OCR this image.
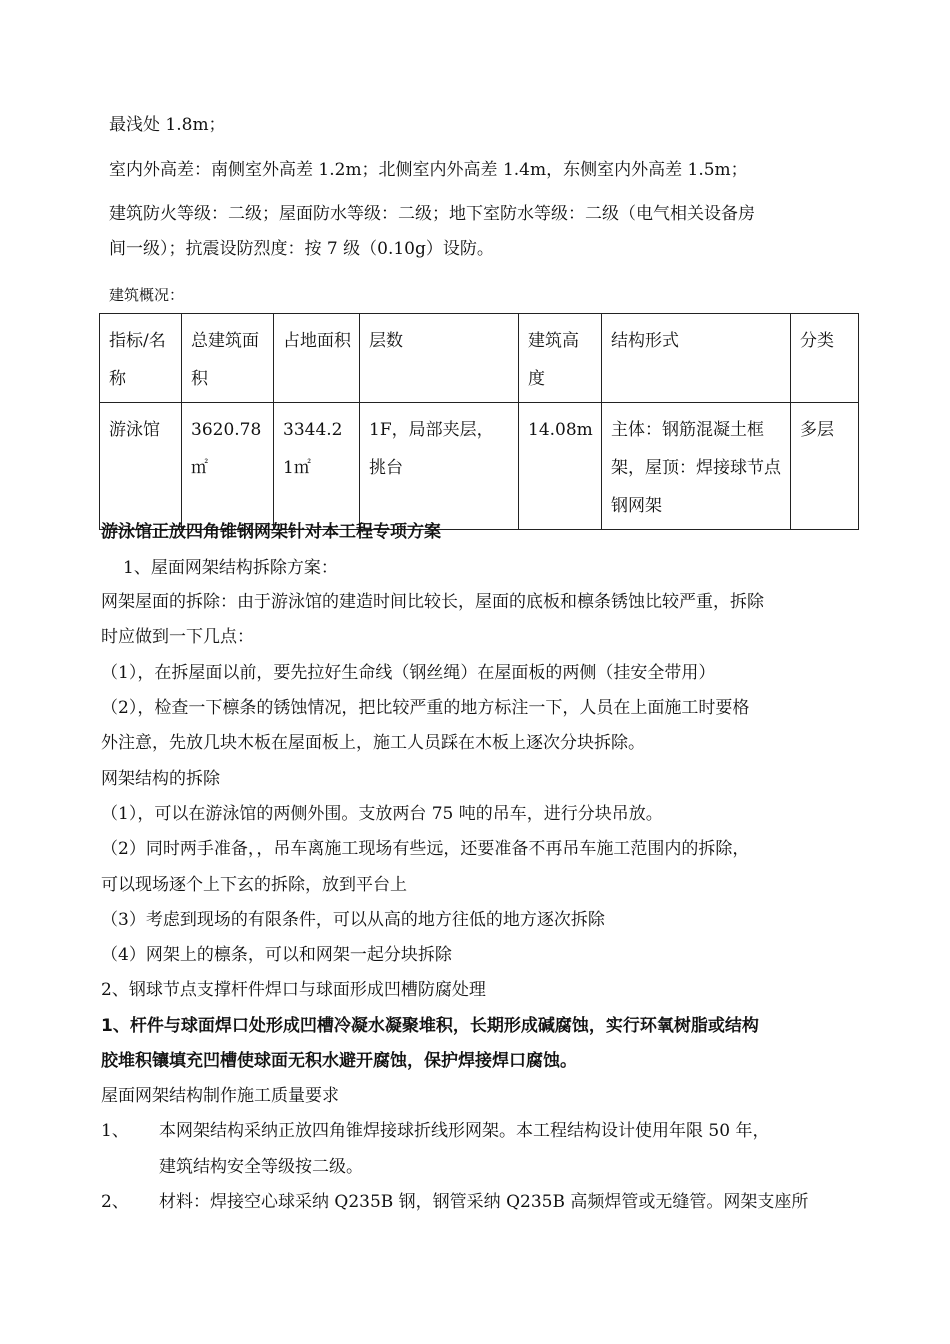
最浅处 1.8m；
室内外高差：南侧室外高差 1.2m；北侧室内外高差 1.4m，东侧室内外高差 1.5m；
建筑防火等级：二级；屋面防水等级：二级；地下室防水等级：二级（电气相关设备房
间一级）；抗震设防烈度：按 7 级（0.10g）设防。
建筑概况：
指标/名称	总建筑面积	占地面积	层数	建筑高度	结构形式	分类
游泳馆	3620.78㎡	3344.21㎡	1F，局部夹层，挑台	14.08m	主体：钢筋混凝土框架，屋顶：焊接球节点钢网架	多层
游泳馆正放四角锥钢网架针对本工程专项方案
1、屋面网架结构拆除方案：
网架屋面的拆除：由于游泳馆的建造时间比较长，屋面的底板和檩条锈蚀比较严重，拆除
时应做到一下几点：
（1），在拆屋面以前，要先拉好生命线（钢丝绳）在屋面板的两侧（挂安全带用）
（2），检查一下檩条的锈蚀情况，把比较严重的地方标注一下，人员在上面施工时要格
外注意，先放几块木板在屋面板上，施工人员踩在木板上逐次分块拆除。
网架结构的拆除
（1），可以在游泳馆的两侧外围。支放两台 75 吨的吊车，进行分块吊放。
（2）同时两手准备，，吊车离施工现场有些远，还要准备不再吊车施工范围内的拆除，
可以现场逐个上下玄的拆除，放到平台上
（3）考虑到现场的有限条件，可以从高的地方往低的地方逐次拆除
（4）网架上的檩条，可以和网架一起分块拆除
2、钢球节点支撑杆件焊口与球面形成凹槽防腐处理
1、杆件与球面焊口处形成凹槽冷凝水凝聚堆积，长期形成碱腐蚀，实行环氧树脂或结构
胶堆积镶填充凹槽使球面无积水避开腐蚀，保护焊接焊口腐蚀。
屋面网架结构制作施工质量要求
1、 本网架结构采纳正放四角锥焊接球折线形网架。本工程结构设计使用年限 50 年，
建筑结构安全等级按二级。
2、 材料：焊接空心球采纳 Q235B 钢，钢管采纳 Q235B 高频焊管或无缝管。网架支座所
